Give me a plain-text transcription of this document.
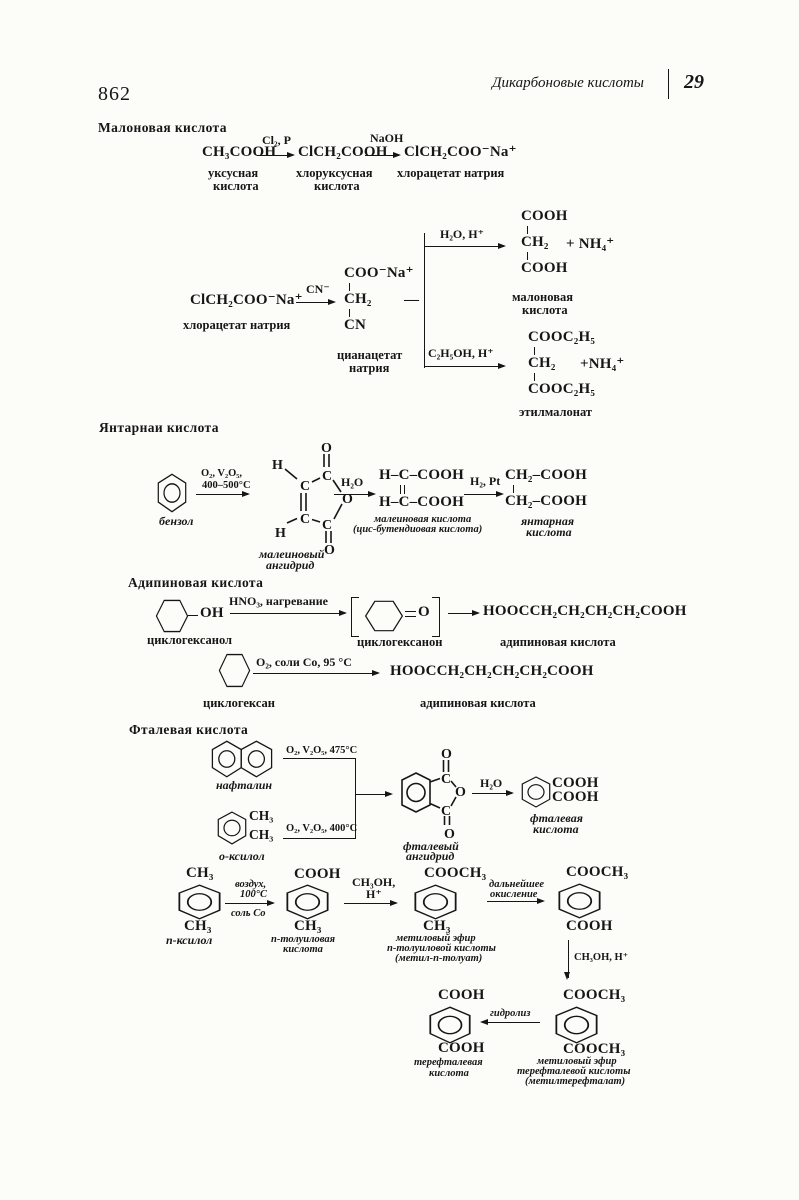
862	Дикарбоновые кислоты 29
Малоновая кислота
CH₃COOH
Cl₂, P
→ ClCH₂COOH
NaOH
→ ClCH₂COO⁻Na⁺
уксусная
кислота
хлоруксусная
кислота
хлорацетат натрия
ClCH₂COO⁻Na⁺
хлорацетат натрия
CN⁻
COO⁻Na⁺
CH₂
CN
цианацетат
натрия
—
H₂O, H⁺
C₂H₅OH, H⁺
COOH
CH₂
COOH
+ NH₄⁺
малоновая
кислота
COOC₂H₅
CH₂
COOC₂H₅
+NH₄⁺
этилмалонат
Янтарнаи кислота
бензол
O₂, V₂O₅,
400–500°C
H
C
C
O
O
C
H
C
O
малеиновый
ангидрид
H₂O H–C–COOH
H–C–COOH
малеиновая кислота
(цис-бутендиовая кислота)
H₂, Pt CH₂–COOH
CH₂–COOH
янтарная
кислота
Адипиновая кислота
OH
циклогексанол
HNO₃, нагревание
O
циклогексанон
→ HOOCCH₂CH₂CH₂CH₂COOH
адипиновая кислота
циклогексан
O₂, соли Co, 95 °C
HOOCCH₂CH₂CH₂CH₂COOH
адипиновая кислота
Фталевая кислота
нафталин
O₂, V₂O₅, 475°C
CH₃
CH₃
о-ксилол
O₂, V₂O₅, 400°C
O
C
O
C
O
фталевый
ангидрид
H₂O	COOH
COOH
фталевая
кислота
CH₃
CH₃
п-ксилол
воздух,
100°C
соль Co
COOH
CH₃
п-толуиловая
кислота
CH₃OH,
H⁺
COOCH₃
CH₃
метиловый эфир
п-толуиловой кислоты
(метил-п-толуат)
дальнейшее
окисление
COOCH₃
COOH
CH₃OH, H⁺
COOH
COOH
терефталевая
кислота
гидролиз
COOCH₃
COOCH₃
метиловый эфир
терефталевой кислоты
(метилтерефталат)
